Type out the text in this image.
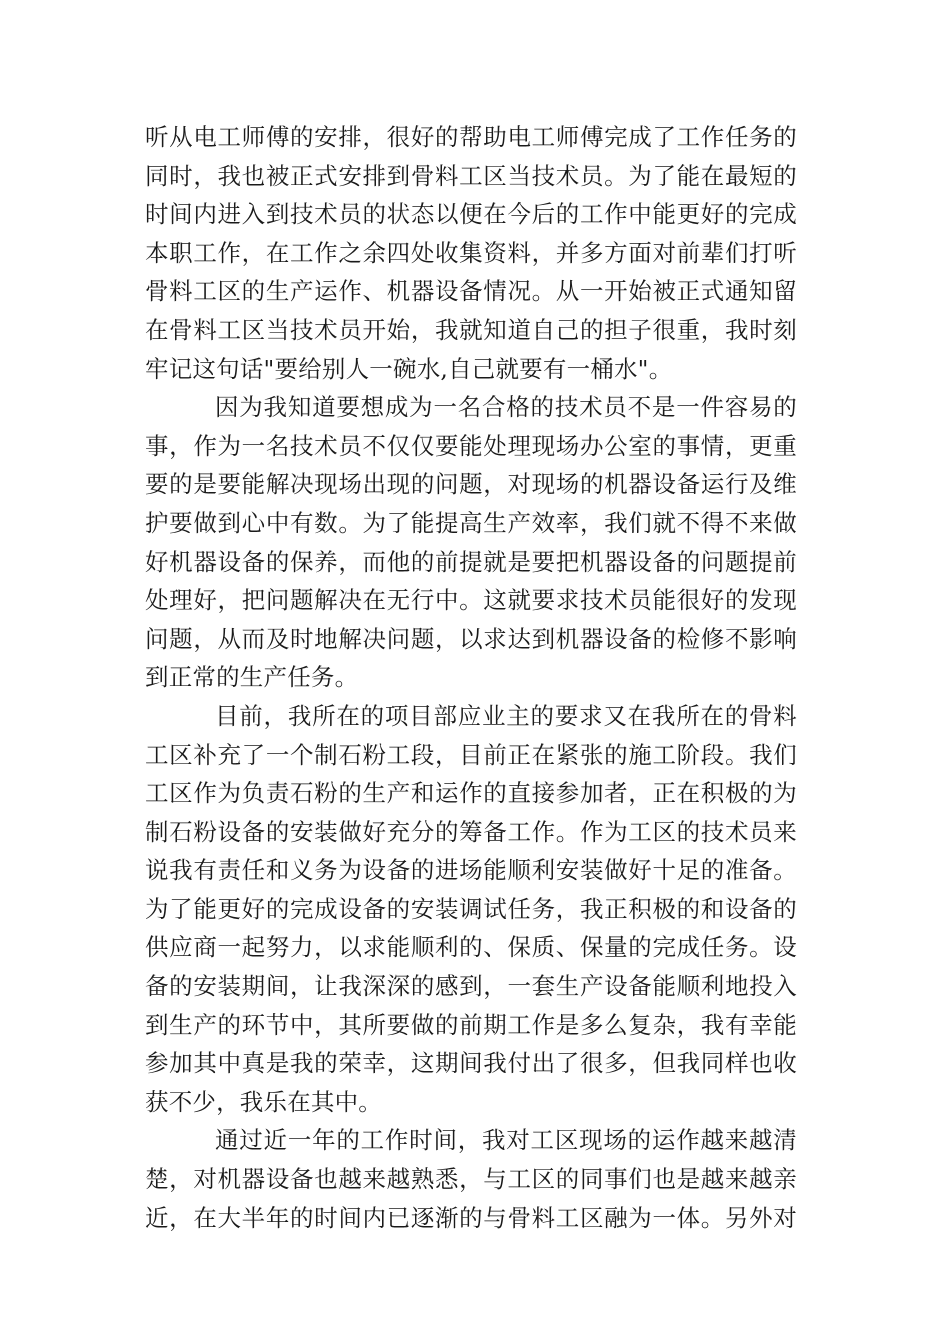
听从电工师傅的安排，很好的帮助电工师傅完成了工作任务的
同时，我也被正式安排到骨料工区当技术员。为了能在最短的
时间内进入到技术员的状态以便在今后的工作中能更好的完成
本职工作，在工作之余四处收集资料，并多方面对前辈们打听
骨料工区的生产运作、机器设备情况。从一开始被正式通知留
在骨料工区当技术员开始，我就知道自己的担子很重，我时刻
牢记这句话"要给别人一碗水,自己就要有一桶水"。
因为我知道要想成为一名合格的技术员不是一件容易的
事，作为一名技术员不仅仅要能处理现场办公室的事情，更重
要的是要能解决现场出现的问题，对现场的机器设备运行及维
护要做到心中有数。为了能提高生产效率，我们就不得不来做
好机器设备的保养，而他的前提就是要把机器设备的问题提前
处理好，把问题解决在无行中。这就要求技术员能很好的发现
问题，从而及时地解决问题，以求达到机器设备的检修不影响
到正常的生产任务。
目前，我所在的项目部应业主的要求又在我所在的骨料
工区补充了一个制石粉工段，目前正在紧张的施工阶段。我们
工区作为负责石粉的生产和运作的直接参加者，正在积极的为
制石粉设备的安装做好充分的筹备工作。作为工区的技术员来
说我有责任和义务为设备的进场能顺利安装做好十足的准备。
为了能更好的完成设备的安装调试任务，我正积极的和设备的
供应商一起努力，以求能顺利的、保质、保量的完成任务。设
备的安装期间，让我深深的感到，一套生产设备能顺利地投入
到生产的环节中，其所要做的前期工作是多么复杂，我有幸能
参加其中真是我的荣幸，这期间我付出了很多，但我同样也收
获不少，我乐在其中。
通过近一年的工作时间，我对工区现场的运作越来越清
楚，对机器设备也越来越熟悉，与工区的同事们也是越来越亲
近，在大半年的时间内已逐渐的与骨料工区融为一体。另外对
